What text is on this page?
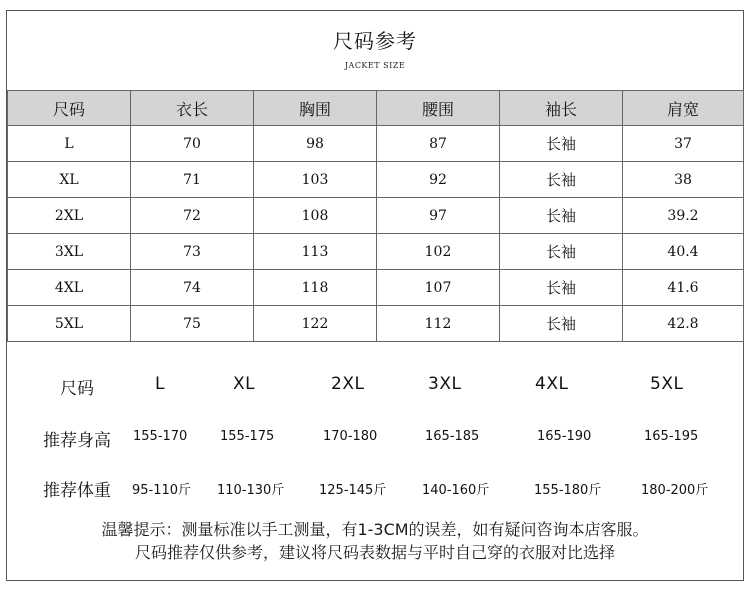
尺码参考
JACKET SIZE
尺码	衣长	胸围	腰围	袖长	肩宽
L	70	98	87	长袖	37
XL	71	103	92	长袖	38
2XL	72	108	97	长袖	39.2
3XL	73	113	102	长袖	40.4
4XL	74	118	107	长袖	41.6
5XL	75	122	112	长袖	42.8
尺码	L	XL	2XL	3XL	4XL	5XL
推荐身高 155-170	155-175	170-180	165-185	165-190	165-195
推荐体重 95-110斤 110-130斤	125-145斤	140-160斤	155-180斤	180-200斤
温馨提示：测量标准以手工测量，有1-3CM的误差，如有疑问咨询本店客服。
尺码推荐仅供参考，建议将尺码表数据与平时自己穿的衣服对比选择
